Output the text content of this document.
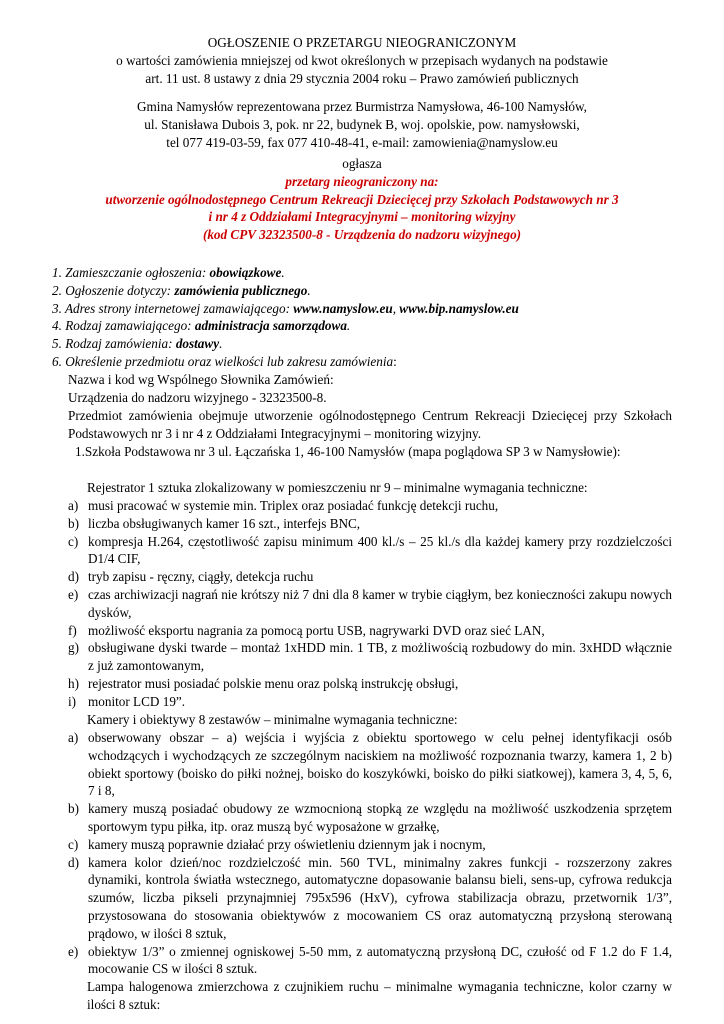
OGŁOSZENIE O PRZETARGU NIEOGRANICZONYM
o wartości zamówienia mniejszej od kwot określonych w przepisach wydanych na podstawie
art. 11 ust. 8 ustawy z dnia 29 stycznia 2004 roku – Prawo zamówień publicznych
Gmina Namysłów reprezentowana przez Burmistrza Namysłowa, 46-100 Namysłów,
ul. Stanisława Dubois 3, pok. nr 22, budynek B, woj. opolskie, pow. namysłowski,
tel 077 419-03-59, fax 077 410-48-41, e-mail: zamowienia@namyslow.eu
ogłasza
przetarg nieograniczony na:
utworzenie ogólnodostępnego Centrum Rekreacji Dziecięcej przy Szkołach Podstawowych nr 3
i nr 4 z Oddziałami Integracyjnymi – monitoring wizyjny
(kod CPV 32323500-8 - Urządzenia do nadzoru wizyjnego)
1. Zamieszczanie ogłoszenia: obowiązkowe.
2. Ogłoszenie dotyczy: zamówienia publicznego.
3. Adres strony internetowej zamawiającego: www.namyslow.eu, www.bip.namyslow.eu
4. Rodzaj zamawiającego: administracja samorządowa.
5. Rodzaj zamówienia: dostawy.
6. Określenie przedmiotu oraz wielkości lub zakresu zamówienia:
Nazwa i kod wg Wspólnego Słownika Zamówień:
Urządzenia do nadzoru wizyjnego - 32323500-8.
Przedmiot zamówienia obejmuje utworzenie ogólnodostępnego Centrum Rekreacji Dziecięcej przy Szkołach Podstawowych nr 3 i nr 4 z Oddziałami Integracyjnymi – monitoring wizyjny.
1.Szkoła Podstawowa nr 3 ul. Łączańska 1, 46-100 Namysłów (mapa poglądowa SP 3 w Namysłowie):
Rejestrator 1 sztuka zlokalizowany w pomieszczeniu nr 9 – minimalne wymagania techniczne:
a) musi pracować w systemie min. Triplex oraz posiadać funkcję detekcji ruchu,
b) liczba obsługiwanych kamer 16 szt., interfejs BNC,
c) kompresja H.264, częstotliwość zapisu minimum 400 kl./s – 25 kl./s dla każdej kamery przy rozdzielczości D1/4 CIF,
d) tryb zapisu - ręczny, ciągły, detekcja ruchu
e) czas archiwizacji nagrań nie krótszy niż 7 dni dla 8 kamer w trybie ciągłym, bez konieczności zakupu nowych dysków,
f) możliwość eksportu nagrania za pomocą portu USB, nagrywarki DVD oraz sieć LAN,
g) obsługiwane dyski twarde – montaż 1xHDD min. 1 TB, z możliwością rozbudowy do min. 3xHDD włącznie z już zamontowanym,
h) rejestrator musi posiadać polskie menu oraz polską instrukcję obsługi,
i) monitor LCD 19”.
Kamery i obiektywy 8 zestawów – minimalne wymagania techniczne:
a) obserwowany obszar – a) wejścia i wyjścia z obiektu sportowego w celu pełnej identyfikacji osób wchodzących i wychodzących ze szczególnym naciskiem na możliwość rozpoznania twarzy, kamera 1, 2 b) obiekt sportowy (boisko do piłki nożnej, boisko do koszykówki, boisko do piłki siatkowej), kamera 3, 4, 5, 6, 7 i 8,
b) kamery muszą posiadać obudowy ze wzmocnioną stopką ze względu na możliwość uszkodzenia sprzętem sportowym typu piłka, itp. oraz muszą być wyposażone w grzałkę,
c) kamery muszą poprawnie działać przy oświetleniu dziennym jak i nocnym,
d) kamera kolor dzień/noc rozdzielczość min. 560 TVL, minimalny zakres funkcji - rozszerzony zakres dynamiki, kontrola światła wstecznego, automatyczne dopasowanie balansu bieli, sens-up, cyfrowa redukcja szumów, liczba pikseli przynajmniej 795x596 (HxV), cyfrowa stabilizacja obrazu, przetwornik 1/3”, przystosowana do stosowania obiektywów z mocowaniem CS oraz automatyczną przysłoną sterowaną prądowo, w ilości 8 sztuk,
e) obiektyw 1/3” o zmiennej ogniskowej 5-50 mm, z automatyczną przysłoną DC, czułość od F 1.2 do F 1.4, mocowanie CS w ilości 8 sztuk.
Lampa halogenowa zmierzchowa z czujnikiem ruchu – minimalne wymagania techniczne, kolor czarny w ilości 8 sztuk:
